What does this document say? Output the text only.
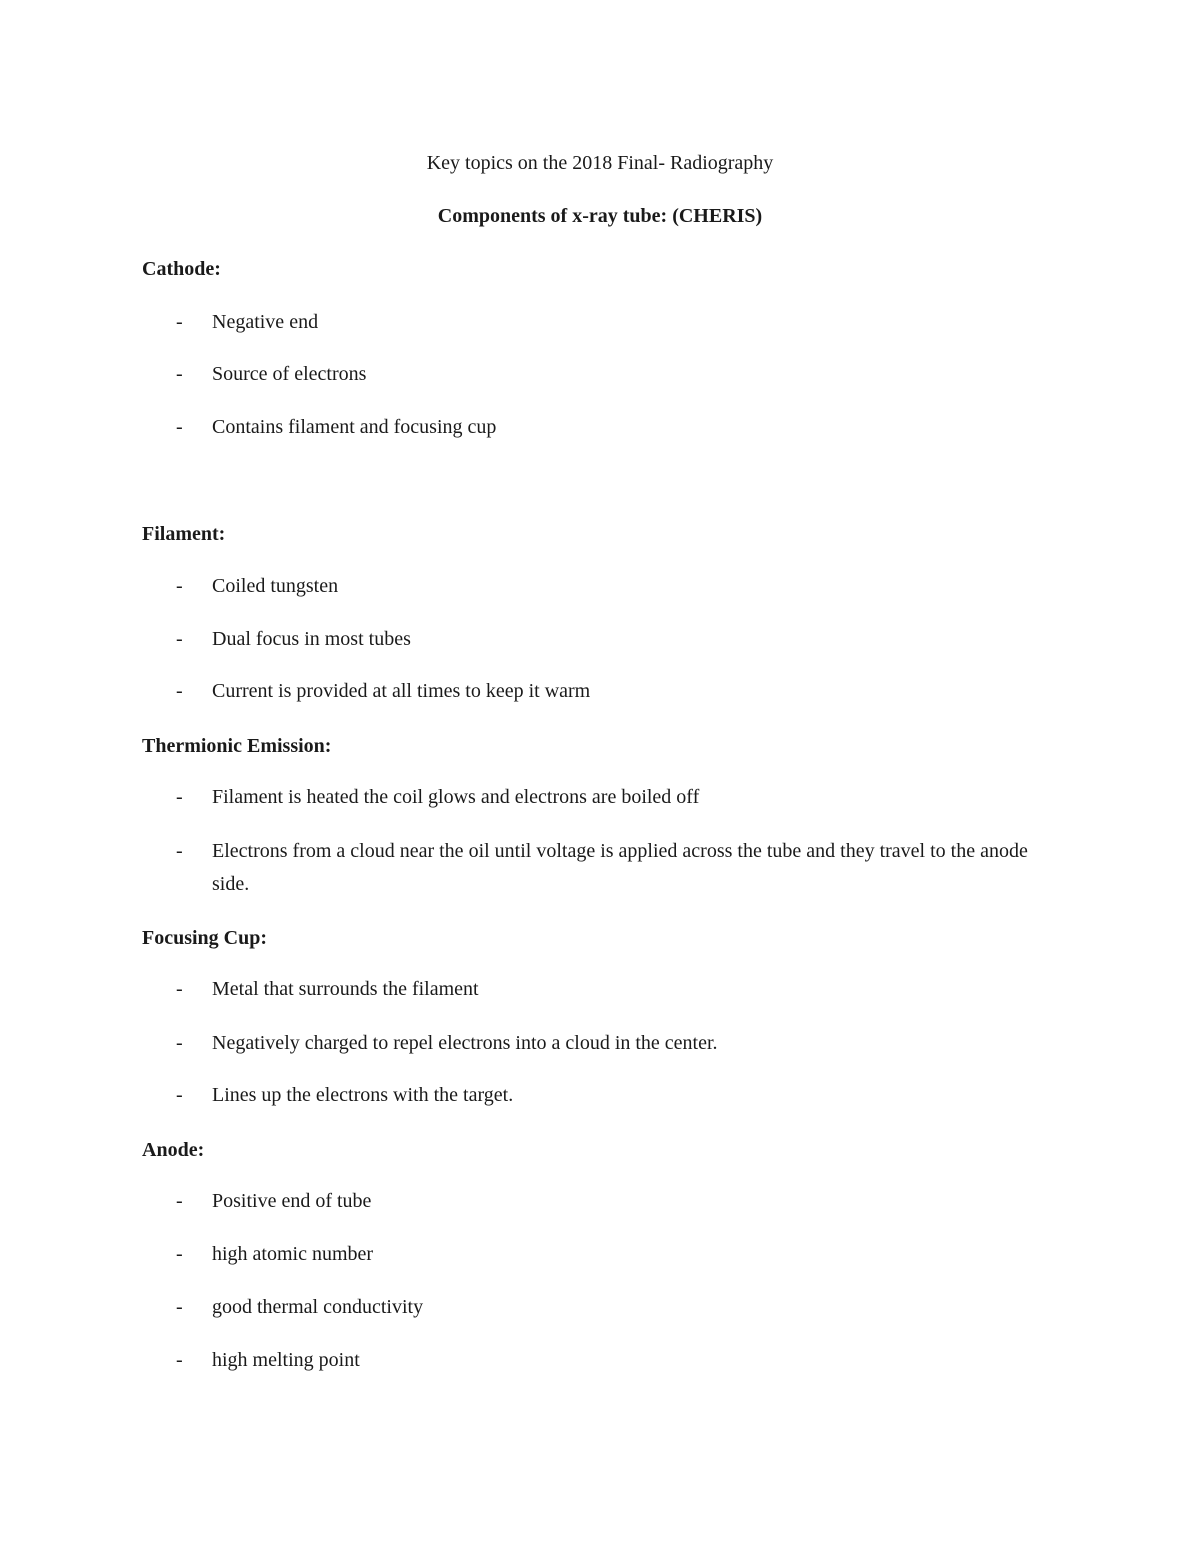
Key topics on the 2018 Final- Radiography
Components of x-ray tube: (CHERIS)
Cathode:
- Negative end
- Source of electrons
- Contains filament and focusing cup
Filament:
- Coiled tungsten
- Dual focus in most tubes
- Current is provided at all times to keep it warm
Thermionic Emission:
- Filament is heated the coil glows and electrons are boiled off
- Electrons from a cloud near the oil until voltage is applied across the tube and they travel to the anode side.
Focusing Cup:
- Metal that surrounds the filament
- Negatively charged to repel electrons into a cloud in the center.
- Lines up the electrons with the target.
Anode:
- Positive end of tube
- high atomic number
- good thermal conductivity
- high melting point
